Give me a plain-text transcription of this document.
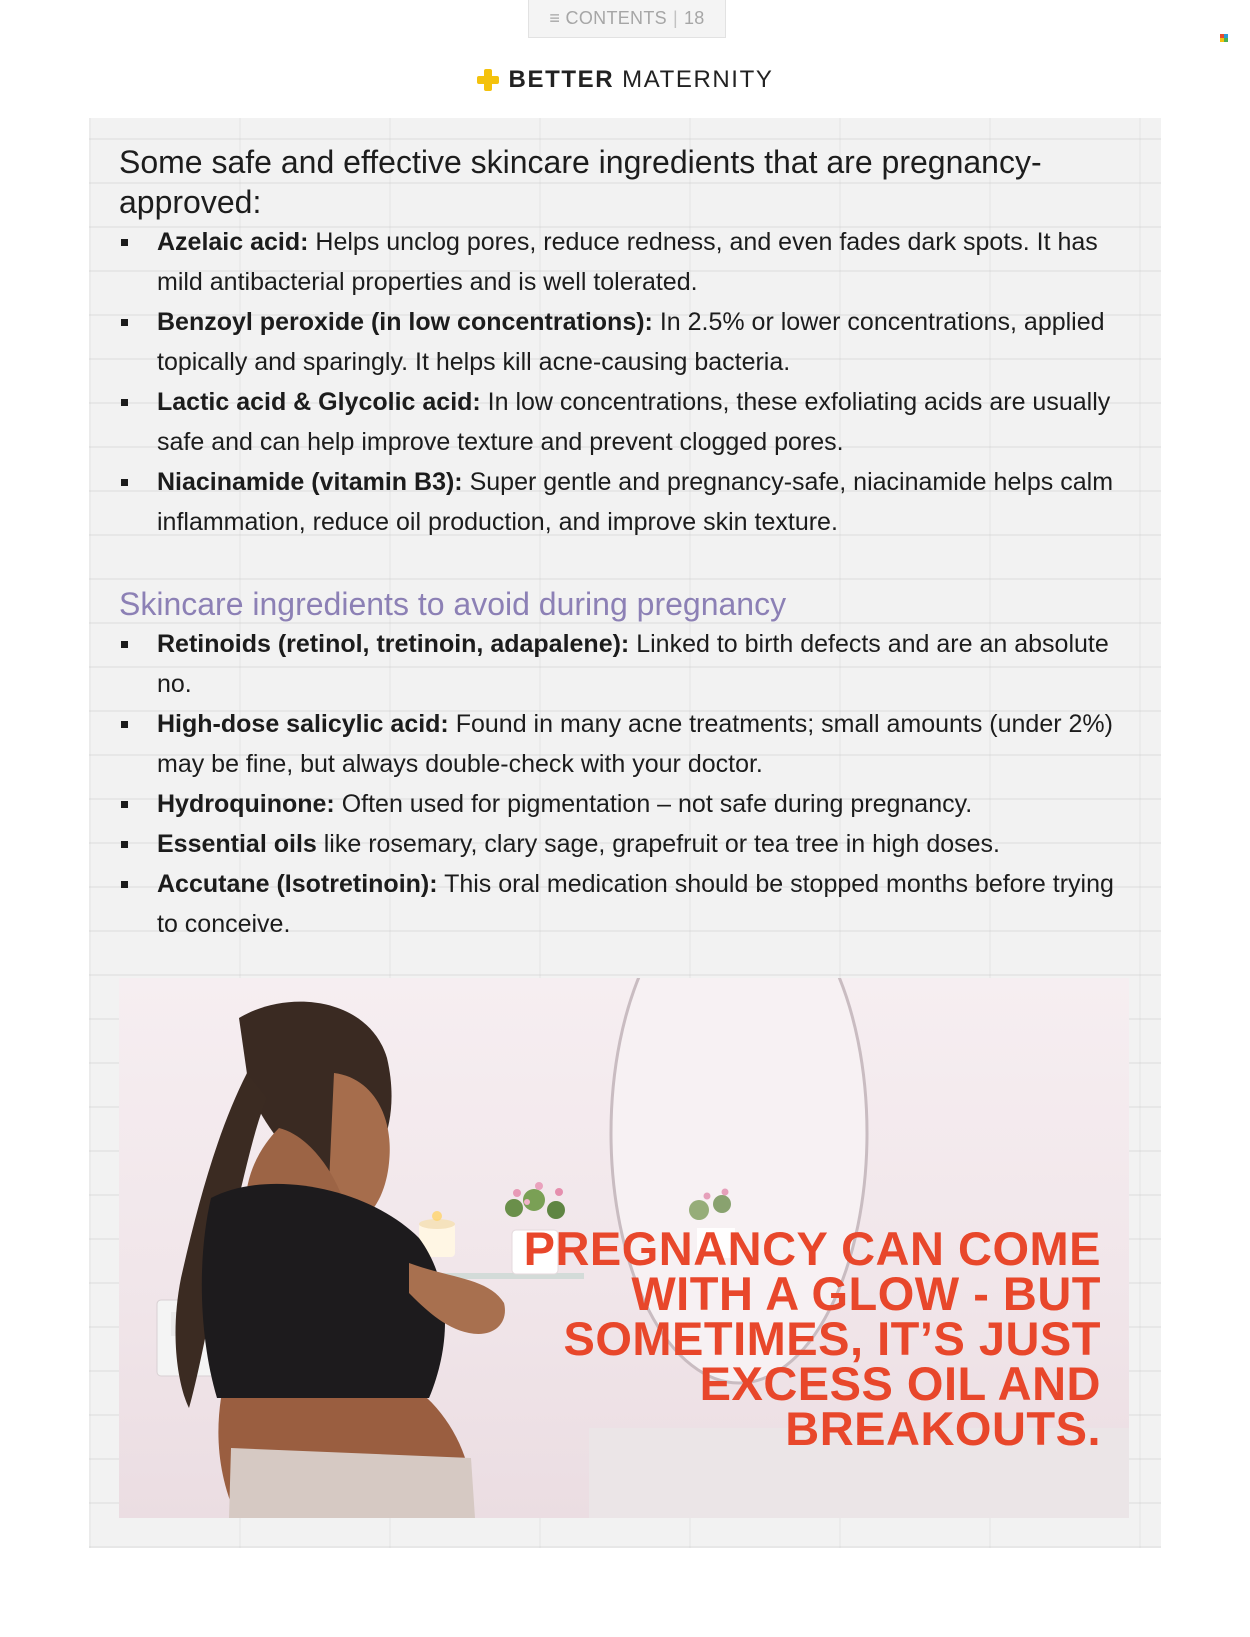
≡
CONTENTS | 18
BETTER MATERNITY

Some safe and effective skincare ingredients that are pregnancy-approved:

Azelaic acid: Helps unclog pores, reduce redness, and even fades dark spots. It has mild antibacterial properties and is well tolerated.
Benzoyl peroxide (in low concentrations): In 2.5% or lower concentrations, applied topically and sparingly. It helps kill acne-causing bacteria.
Lactic acid & Glycolic acid: In low concentrations, these exfoliating acids are usually safe and can help improve texture and prevent clogged pores.
Niacinamide (vitamin B3): Super gentle and pregnancy-safe, niacinamide helps calm inflammation, reduce oil production, and improve skin texture.

Skincare ingredients to avoid during pregnancy

Retinoids (retinol, tretinoin, adapalene): Linked to birth defects and are an absolute no.
High-dose salicylic acid: Found in many acne treatments; small amounts (under 2%) may be fine, but always double-check with your doctor.
Hydroquinone: Often used for pigmentation – not safe during pregnancy.
Essential oils like rosemary, clary sage, grapefruit or tea tree in high doses.
Accutane (Isotretinoin): This oral medication should be stopped months before trying to conceive.

PREGNANCY CAN COME WITH A GLOW - BUT SOMETIMES, IT’S JUST EXCESS OIL AND BREAKOUTS.
